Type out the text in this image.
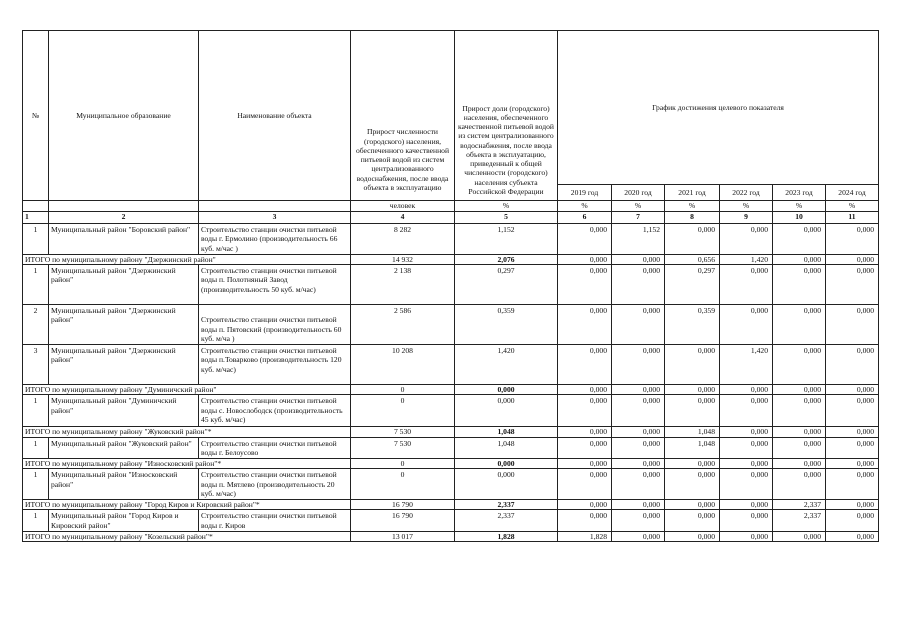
№	Муниципальное образование	Наименование объекта	Прирост численности (городского) населения, обеспеченного качественной питьевой водой из систем централизованного водоснабжения, после ввода объекта в эксплуатацию	Прирост доли (городского) населения, обеспеченного качественной питьевой водой из систем централизованного водоснабжения, после ввода объекта в эксплуатацию, приведенный к общей численности (городского) населения субъекта Российской Федерации	График достижения целевого показателя					
					2019 год	2020 год	2021 год	2022 год	2023 год	2024 год
			человек	%	%	%	%	%	%	%
1	2	3	4	5	6	7	8	9	10	11
1	Муниципальный район "Боровский район"	Строительство станции очистки питьевой воды г. Ермолино (производительность 66 куб. м/час )	8 282	1,152	0,000	1,152	0,000	0,000	0,000	0,000
ИТОГО по муниципальному району "Дзержинский район"			14 932	2,076	0,000	0,000	0,656	1,420	0,000	0,000
1	Муниципальный район "Дзержинский район"	Строительство станции очистки питьевой воды п. Полотняный Завод (производительность 50 куб. м/час)	2 138	0,297	0,000	0,000	0,297	0,000	0,000	0,000
2	Муниципальный район "Дзержинский район"	Строительство станции очистки питьевой воды п. Пятовский (производительность 60 куб. м/ча )	2 586	0,359	0,000	0,000	0,359	0,000	0,000	0,000
3	Муниципальный район "Дзержинский район"	Строительство станции очистки питьевой воды п.Товарково (производительность 120 куб. м/час)	10 208	1,420	0,000	0,000	0,000	1,420	0,000	0,000
ИТОГО по муниципальному району "Думиничский район"			0	0,000	0,000	0,000	0,000	0,000	0,000	0,000
1	Муниципальный район "Думиничский район"	Строительство станции очистки питьевой воды с. Новослободск (производительность 45 куб. м/час)	0	0,000	0,000	0,000	0,000	0,000	0,000	0,000
ИТОГО по муниципальному району "Жуковский район"*			7 530	1,048	0,000	0,000	1,048	0,000	0,000	0,000
1	Муниципальный район "Жуковский район"	Строительство станции очистки питьевой воды г. Белоусово	7 530	1,048	0,000	0,000	1,048	0,000	0,000	0,000
ИТОГО по муниципальному району "Износковский район"*			0	0,000	0,000	0,000	0,000	0,000	0,000	0,000
1	Муниципальный район "Износковский район"	Строительство станции очистки питьевой воды п. Мятлево (производительность 20 куб. м/час)	0	0,000	0,000	0,000	0,000	0,000	0,000	0,000
ИТОГО по муниципальному району "Город Киров и Кировский район"*			16 790	2,337	0,000	0,000	0,000	0,000	2,337	0,000
1	Муниципальный район "Город Киров и Кировский район"	Строительство станции очистки питьевой воды г. Киров	16 790	2,337	0,000	0,000	0,000	0,000	2,337	0,000
ИТОГО по муниципальному району "Козельский район"*			13 017	1,828	1,828	0,000	0,000	0,000	0,000	0,000
